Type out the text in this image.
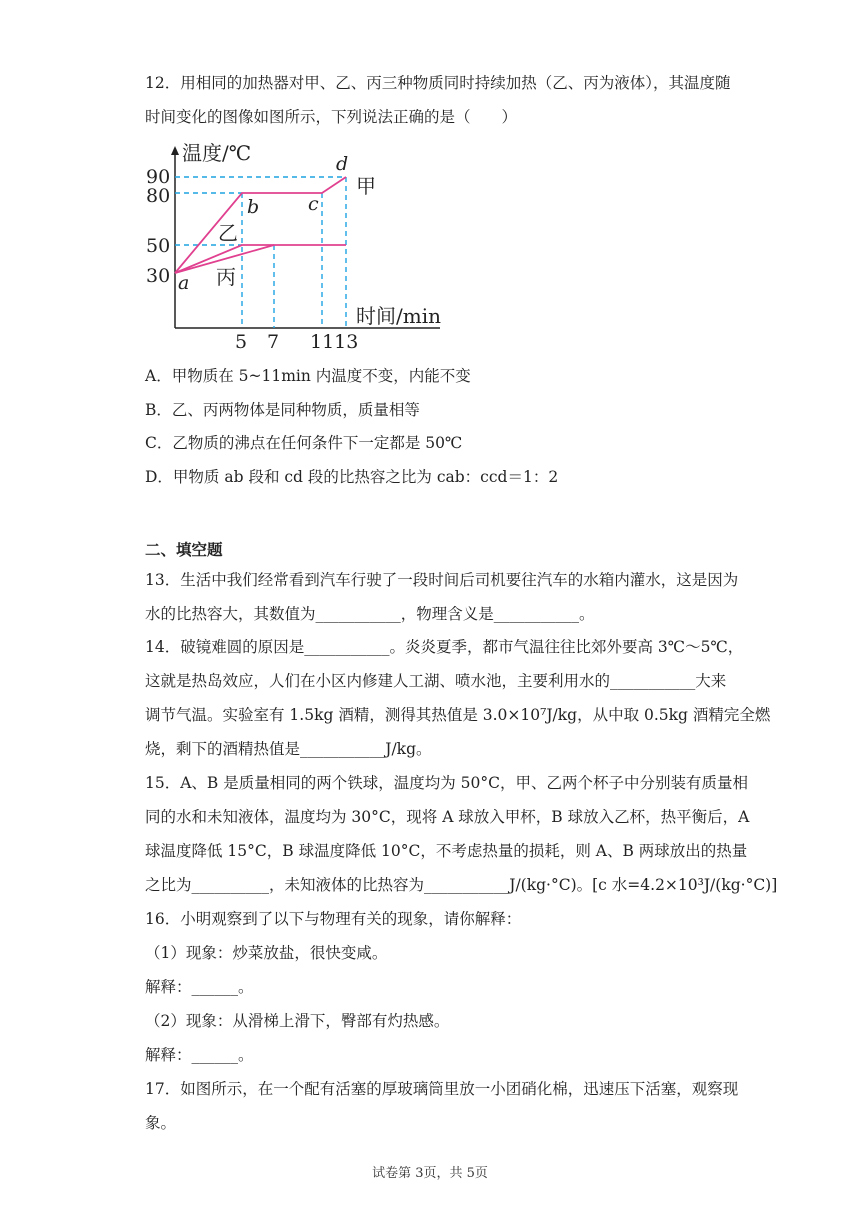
12．用相同的加热器对甲、乙、丙三种物质同时持续加热（乙、丙为液体），其温度随
时间变化的图像如图所示，下列说法正确的是（　　）
温度/℃
时间/min
90
80
50
30
5 7 1113
a
b	c
d
甲
乙
丙
A．甲物质在 5~11min 内温度不变，内能不变
B．乙、丙两物体是同种物质，质量相等
C．乙物质的沸点在任何条件下一定都是 50℃
D．甲物质 ab 段和 cd 段的比热容之比为 cab：ccd＝1：2
二、填空题
13．生活中我们经常看到汽车行驶了一段时间后司机要往汽车的水箱内灌水，这是因为
水的比热容大，其数值为___________，物理含义是___________。
14．破镜难圆的原因是___________。炎炎夏季，都市气温往往比郊外要高 3℃～5℃，
这就是热岛效应，人们在小区内修建人工湖、喷水池，主要利用水的___________大来
调节气温。实验室有 1.5kg 酒精，测得其热值是 3.0×10⁷J/kg，从中取 0.5kg 酒精完全燃
烧，剩下的酒精热值是___________J/kg。
15．A、B 是质量相同的两个铁球，温度均为 50°C，甲、乙两个杯子中分别装有质量相
同的水和未知液体，温度均为 30°C，现将 A 球放入甲杯，B 球放入乙杯，热平衡后，A
球温度降低 15°C，B 球温度降低 10°C，不考虑热量的损耗，则 A、B 两球放出的热量
之比为__________，未知液体的比热容为___________J/(kg·°C)。[c 水=4.2×10³J/(kg·°C)]
16．小明观察到了以下与物理有关的现象，请你解释：
（1）现象：炒菜放盐，很快变咸。
解释：______。
（2）现象：从滑梯上滑下，臀部有灼热感。
解释：______。
17．如图所示，在一个配有活塞的厚玻璃筒里放一小团硝化棉，迅速压下活塞，观察现
象。
试卷第 3页，共 5页
